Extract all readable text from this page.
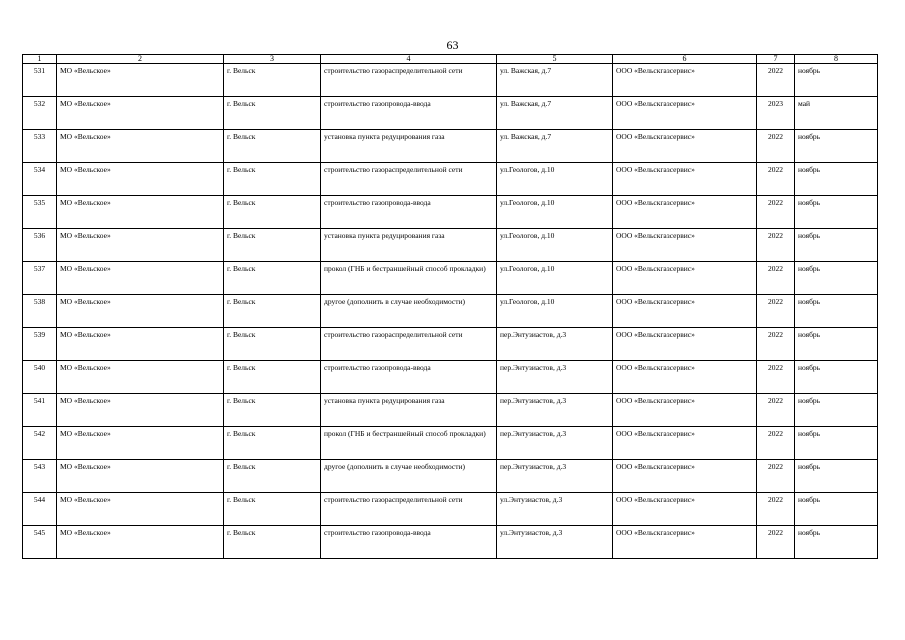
63
1	2	3	4	5	6	7	8
531	МО «Вельское»	г. Вельск	строительство газораспределительной сети	ул. Важская, д.7	ООО «Вельскгазсервис»	2022	ноябрь
532	МО «Вельское»	г. Вельск	строительство газопровода-ввода	ул. Важская, д.7	ООО «Вельскгазсервис»	2023	май
533	МО «Вельское»	г. Вельск	установка пункта редуцирования газа	ул. Важская, д.7	ООО «Вельскгазсервис»	2022	ноябрь
534	МО «Вельское»	г. Вельск	строительство газораспределительной сети	ул.Геологов, д.10	ООО «Вельскгазсервис»	2022	ноябрь
535	МО «Вельское»	г. Вельск	строительство газопровода-ввода	ул.Геологов, д.10	ООО «Вельскгазсервис»	2022	ноябрь
536	МО «Вельское»	г. Вельск	установка пункта редуцирования газа	ул.Геологов, д.10	ООО «Вельскгазсервис»	2022	ноябрь
537	МО «Вельское»	г. Вельск	прокол (ГНБ и бестраншейный способ прокладки)	ул.Геологов, д.10	ООО «Вельскгазсервис»	2022	ноябрь
538	МО «Вельское»	г. Вельск	другое (дополнить в случае необходимости)	ул.Геологов, д.10	ООО «Вельскгазсервис»	2022	ноябрь
539	МО «Вельское»	г. Вельск	строительство газораспределительной сети	пер.Энтузиастов, д.3	ООО «Вельскгазсервис»	2022	ноябрь
540	МО «Вельское»	г. Вельск	строительство газопровода-ввода	пер.Энтузиастов, д.3	ООО «Вельскгазсервис»	2022	ноябрь
541	МО «Вельское»	г. Вельск	установка пункта редуцирования газа	пер.Энтузиастов, д.3	ООО «Вельскгазсервис»	2022	ноябрь
542	МО «Вельское»	г. Вельск	прокол (ГНБ и бестраншейный способ прокладки)	пер.Энтузиастов, д.3	ООО «Вельскгазсервис»	2022	ноябрь
543	МО «Вельское»	г. Вельск	другое (дополнить в случае необходимости)	пер.Энтузиастов, д.3	ООО «Вельскгазсервис»	2022	ноябрь
544	МО «Вельское»	г. Вельск	строительство газораспределительной сети	ул.Энтузиастов, д.3	ООО «Вельскгазсервис»	2022	ноябрь
545	МО «Вельское»	г. Вельск	строительство газопровода-ввода	ул.Энтузиастов, д.3	ООО «Вельскгазсервис»	2022	ноябрь
